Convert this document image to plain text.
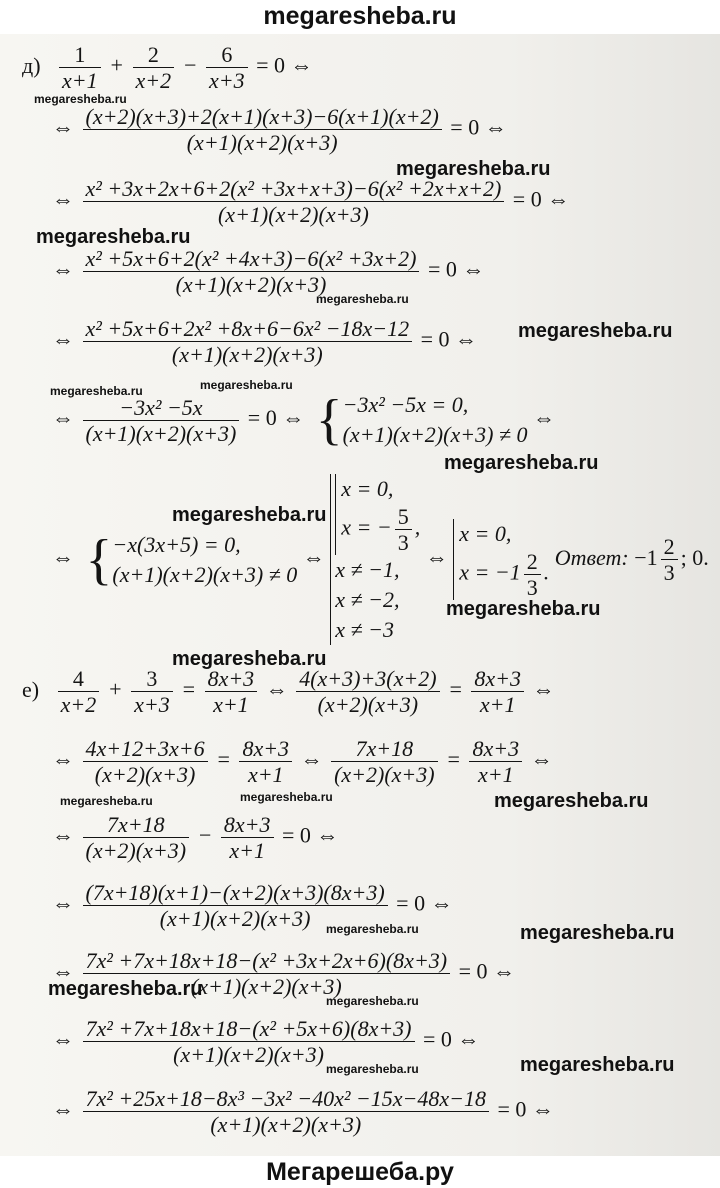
megaresheba.ru
$д) \frac{1}{x+1} + \frac{2}{x+2} - \frac{6}{x+3} = 0$ ⇔
⇔ $\frac{(x+2)(x+3)+2(x+1)(x+3)-6(x+1)(x+2)}{(x+1)(x+2)(x+3)} = 0$ ⇔
⇔ $\frac{\text{x² +3x+2x+6+2(x² +3x+x+3)−6(x² +2x+x+2)}}{(x+1)(x+2)(x+3)} = 0$ ⇔
⇔ $\frac{\text{x² +5x+6+2(x² +4x+3)−6(x² +3x+2)}}{(x+1)(x+2)(x+3)} = 0$ ⇔
⇔ $\frac{\text{x² +5x+6+2x² +8x+6−6x² −18x−12}}{(x+1)(x+2)(x+3)} = 0$ ⇔
⇔ $\frac{\text{−3x² −5x}}{(x+1)(x+2)(x+3)} = 0$ ⇔ { −3x² −5x = 0,
(x+1)(x+2)(x+3) ≠ 0
⇔
⇔ { −x(3x+5) = 0,
(x+1)(x+2)(x+3) ≠ 0
⇔
x = 0,
x = − $\frac{5}{3}$ ,
x ≠ −1,
x ≠ −2,
x ≠ −3
⇔
x = 0,
$x = -1 \frac{2}{3}$ .
Ответ: $-1 \frac{2}{3}$ ; 0.
$е) \frac{4}{x+2} + \frac{3}{x+3} = \frac{8x+3}{x+1}$ ⇔ $\frac{4(x+3)+3(x+2)}{(x+2)(x+3)} = \frac{8x+3}{x+1}$ ⇔
⇔ $\frac{4x+12+3x+6}{(x+2)(x+3)} = \frac{8x+3}{x+1}$ ⇔ $\frac{7x+18}{(x+2)(x+3)} = \frac{8x+3}{x+1}$ ⇔
⇔ $\frac{7x+18}{(x+2)(x+3)} - \frac{8x+3}{x+1} = 0$ ⇔
⇔ $\frac{(7x+18)(x+1)-(x+2)(x+3)(8x+3)}{(x+1)(x+2)(x+3)} = 0$ ⇔
⇔ $\frac{\text{7x² +7x+18x+18−(x² +3x+2x+6)(8x+3)}}{(x+1)(x+2)(x+3)} = 0$ ⇔
⇔ $\frac{\text{7x² +7x+18x+18−(x² +5x+6)(8x+3)}}{(x+1)(x+2)(x+3)} = 0$ ⇔
⇔ $\frac{\text{7x² +25x+18−8x³ −3x² −40x² −15x−48x−18}}{(x+1)(x+2)(x+3)} = 0$ ⇔
megaresheba.ru
megaresheba.ru
megaresheba.ru
megaresheba.ru
megaresheba.ru
megaresheba.ru	megaresheba.ru
megaresheba.ru
megaresheba.ru
megaresheba.ru
megaresheba.ru
megaresheba.ru	megaresheba.ru	megaresheba.ru
megaresheba.ru	megaresheba.ru
megaresheba.ru
megaresheba.ru
megaresheba.ru	megaresheba.ru
Мегарешеба.ру
